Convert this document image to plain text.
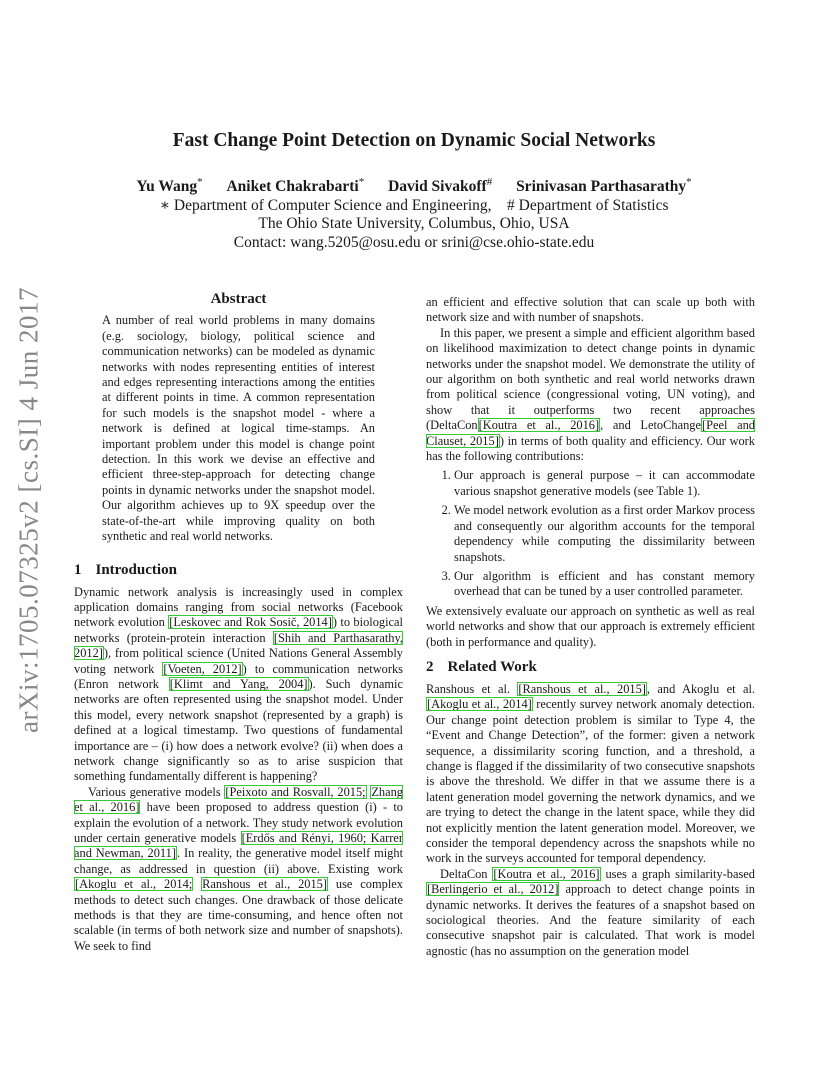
arXiv:1705.07325v2 [cs.SI] 4 Jun 2017
Fast Change Point Detection on Dynamic Social Networks
Yu Wang* Aniket Chakrabarti* David Sivakoff# Srinivasan Parthasarathy*
∗ Department of Computer Science and Engineering,    # Department of Statistics
The Ohio State University, Columbus, Ohio, USA
Contact: wang.5205@osu.edu or srini@cse.ohio-state.edu
Abstract

A number of real world problems in many domains (e.g. sociology, biology, political science and communication networks) can be modeled as dynamic networks with nodes representing entities of interest and edges representing interactions among the entities at different points in time. A common representation for such models is the snapshot model - where a network is defined at logical time-stamps. An important problem under this model is change point detection. In this work we devise an effective and efficient three-step-approach for detecting change points in dynamic networks under the snapshot model. Our algorithm achieves up to 9X speedup over the state-of-the-art while improving quality on both synthetic and real world networks.

1 Introduction

Dynamic network analysis is increasingly used in complex application domains ranging from social networks (Facebook network evolution [Leskovec and Rok Sosič, 2014]) to biological networks (protein-protein interaction [Shih and Parthasarathy, 2012]), from political science (United Nations General Assembly voting network [Voeten, 2012]) to communication networks (Enron network [Klimt and Yang, 2004]). Such dynamic networks are often represented using the snapshot model. Under this model, every network snapshot (represented by a graph) is defined at a logical timestamp. Two questions of fundamental importance are – (i) how does a network evolve? (ii) when does a network change significantly so as to arise suspicion that something fundamentally different is happening?

Various generative models [Peixoto and Rosvall, 2015; Zhang et al., 2016] have been proposed to address question (i) - to explain the evolution of a network. They study network evolution under certain generative models [Erdős and Rényi, 1960; Karrer and Newman, 2011]. In reality, the generative model itself might change, as addressed in question (ii) above. Existing work [Akoglu et al., 2014; Ranshous et al., 2015] use complex methods to detect such changes. One drawback of those delicate methods is that they are time-consuming, and hence often not scalable (in terms of both network size and number of snapshots). We seek to find

an efficient and effective solution that can scale up both with network size and with number of snapshots.

In this paper, we present a simple and efficient algorithm based on likelihood maximization to detect change points in dynamic networks under the snapshot model. We demonstrate the utility of our algorithm on both synthetic and real world networks drawn from political science (congressional voting, UN voting), and show that it outperforms two recent approaches (DeltaCon[Koutra et al., 2016], and LetoChange[Peel and Clauset, 2015]) in terms of both quality and efficiency. Our work has the following contributions:

1. Our approach is general purpose – it can accommodate various snapshot generative models (see Table 1).
2. We model network evolution as a first order Markov process and consequently our algorithm accounts for the temporal dependency while computing the dissimilarity between snapshots.
3. Our algorithm is efficient and has constant memory overhead that can be tuned by a user controlled parameter.

We extensively evaluate our approach on synthetic as well as real world networks and show that our approach is extremely efficient (both in performance and quality).

2 Related Work

Ranshous et al. [Ranshous et al., 2015], and Akoglu et al. [Akoglu et al., 2014] recently survey network anomaly detection. Our change point detection problem is similar to Type 4, the “Event and Change Detection”, of the former: given a network sequence, a dissimilarity scoring function, and a threshold, a change is flagged if the dissimilarity of two consecutive snapshots is above the threshold. We differ in that we assume there is a latent generation model governing the network dynamics, and we are trying to detect the change in the latent space, while they did not explicitly mention the latent generation model. Moreover, we consider the temporal dependency across the snapshots while no work in the surveys accounted for temporal dependency.

DeltaCon [Koutra et al., 2016] uses a graph similarity-based [Berlingerio et al., 2012] approach to detect change points in dynamic networks. It derives the features of a snapshot based on sociological theories. And the feature similarity of each consecutive snapshot pair is calculated. That work is model agnostic (has no assumption on the generation model
